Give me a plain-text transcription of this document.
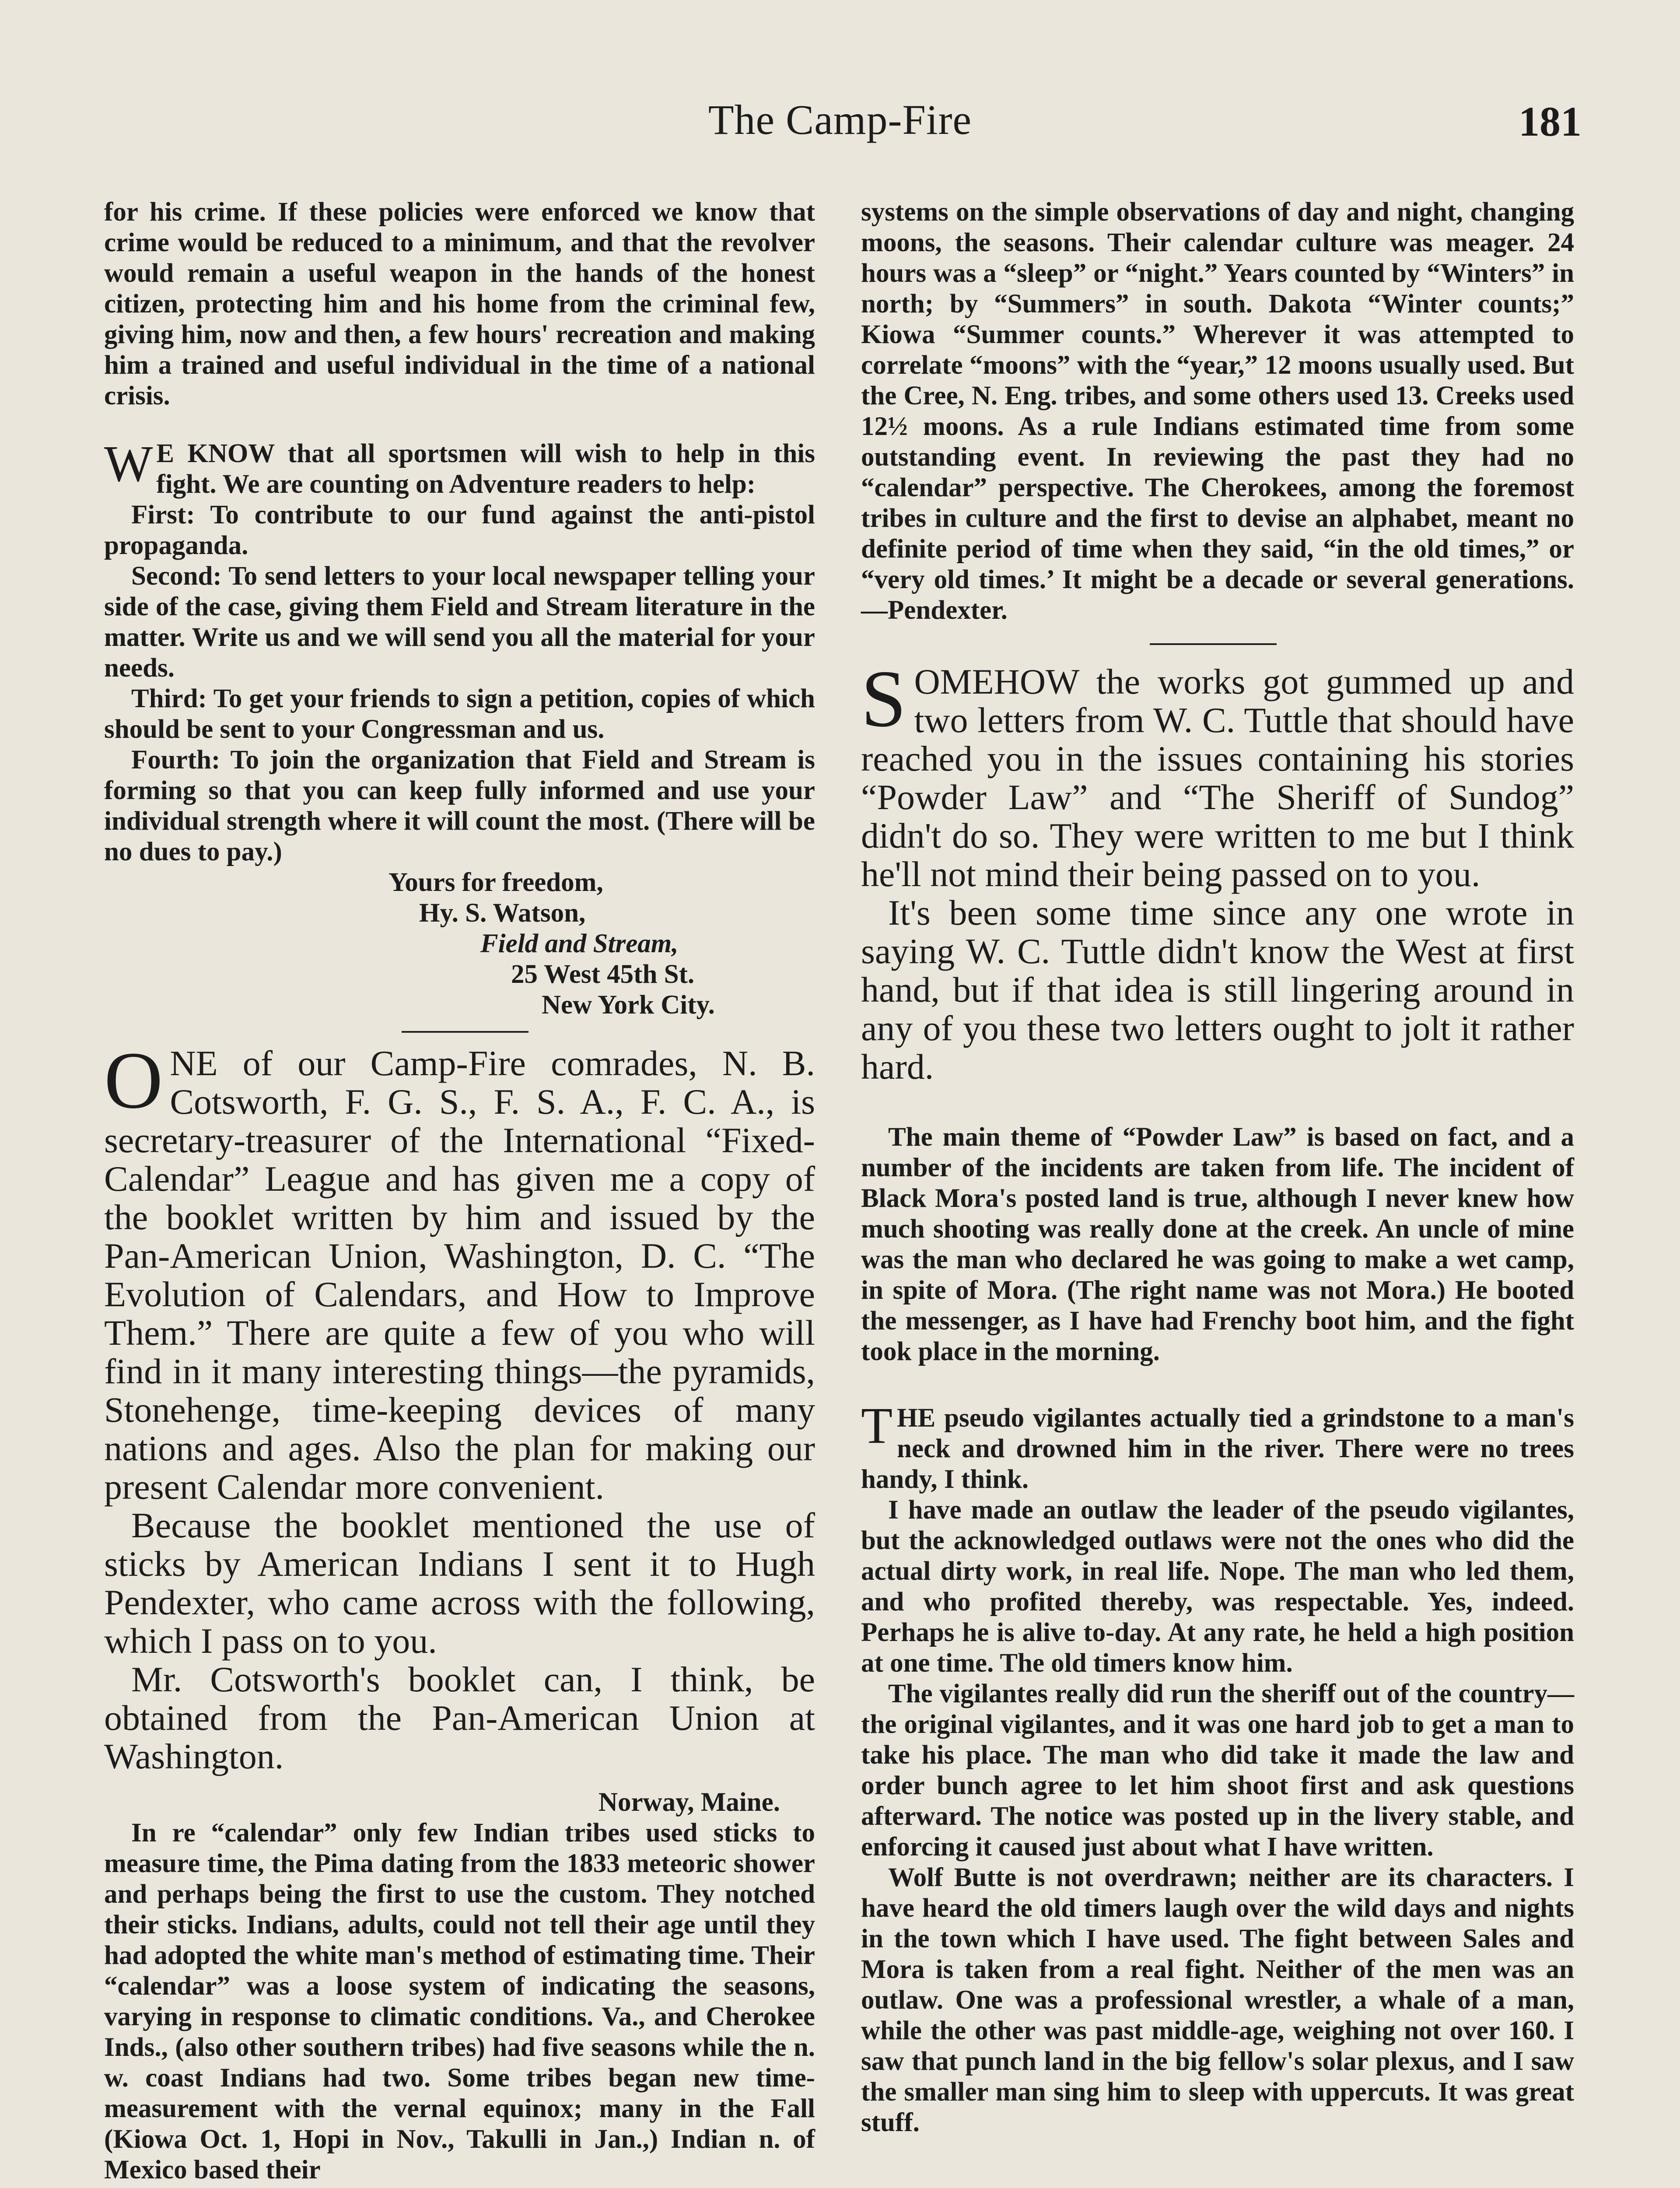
The Camp-Fire	181

for his crime. If these policies were enforced we know that crime would be reduced to a minimum, and that the revolver would remain a useful weapon in the hands of the honest citizen, protecting him and his home from the criminal few, giving him, now and then, a few hours' recreation and making him a trained and useful individual in the time of a national crisis.

W E KNOW that all sportsmen will wish to help in this fight. We are counting on Adventure readers to help:

First: To contribute to our fund against the anti-pistol propaganda.

Second: To send letters to your local newspaper telling your side of the case, giving them Field and Stream literature in the matter. Write us and we will send you all the material for your needs.

Third: To get your friends to sign a petition, copies of which should be sent to your Congressman and us.

Fourth: To join the organization that Field and Stream is forming so that you can keep fully informed and use your individual strength where it will count the most. (There will be no dues to pay.)

Yours for freedom,
Hy. S. Watson,
Field and Stream,
25 West 45th St.
New York City.

ONE of our Camp-Fire comrades, N. B. Cotsworth, F. G. S., F. S. A., F. C. A., is secretary-treasurer of the International “Fixed-Calendar” League and has given me a copy of the booklet written by him and issued by the Pan-American Union, Washington, D. C. “The Evolution of Calendars, and How to Improve Them.” There are quite a few of you who will find in it many interesting things—the pyramids, Stonehenge, time-keeping devices of many nations and ages. Also the plan for making our present Calendar more convenient.

Because the booklet mentioned the use of sticks by American Indians I sent it to Hugh Pendexter, who came across with the following, which I pass on to you.

Mr. Cotsworth's booklet can, I think, be obtained from the Pan-American Union at Washington.

Norway, Maine.

In re “calendar” only few Indian tribes used sticks to measure time, the Pima dating from the 1833 meteoric shower and perhaps being the first to use the custom. They notched their sticks. Indians, adults, could not tell their age until they had adopted the white man's method of estimating time. Their “calendar” was a loose system of indicating the seasons, varying in response to climatic conditions. Va., and Cherokee Inds., (also other southern tribes) had five seasons while the n. w. coast Indians had two. Some tribes began new time-measurement with the vernal equinox; many in the Fall (Kiowa Oct. 1, Hopi in Nov., Takulli in Jan.,) Indian n. of Mexico based their

systems on the simple observations of day and night, changing moons, the seasons. Their calendar culture was meager. 24 hours was a “sleep” or “night.” Years counted by “Winters” in north; by “Summers” in south. Dakota “Winter counts;” Kiowa “Summer counts.” Wherever it was attempted to correlate “moons” with the “year,” 12 moons usually used. But the Cree, N. Eng. tribes, and some others used 13. Creeks used 12½ moons. As a rule Indians estimated time from some outstanding event. In reviewing the past they had no “calendar” perspective. The Cherokees, among the foremost tribes in culture and the first to devise an alphabet, meant no definite period of time when they said, “in the old times,” or “very old times.’ It might be a decade or several generations.—Pendexter.

SOMEHOW the works got gummed up and two letters from W. C. Tuttle that should have reached you in the issues containing his stories “Powder Law” and “The Sheriff of Sundog” didn't do so. They were written to me but I think he'll not mind their being passed on to you.

It's been some time since any one wrote in saying W. C. Tuttle didn't know the West at first hand, but if that idea is still lingering around in any of you these two letters ought to jolt it rather hard.

The main theme of “Powder Law” is based on fact, and a number of the incidents are taken from life. The incident of Black Mora's posted land is true, although I never knew how much shooting was really done at the creek. An uncle of mine was the man who declared he was going to make a wet camp, in spite of Mora. (The right name was not Mora.) He booted the messenger, as I have had Frenchy boot him, and the fight took place in the morning.

THE pseudo vigilantes actually tied a grindstone to a man's neck and drowned him in the river. There were no trees handy, I think.

I have made an outlaw the leader of the pseudo vigilantes, but the acknowledged outlaws were not the ones who did the actual dirty work, in real life. Nope. The man who led them, and who profited thereby, was respectable. Yes, indeed. Perhaps he is alive to-day. At any rate, he held a high position at one time. The old timers know him.

The vigilantes really did run the sheriff out of the country—the original vigilantes, and it was one hard job to get a man to take his place. The man who did take it made the law and order bunch agree to let him shoot first and ask questions afterward. The notice was posted up in the livery stable, and enforcing it caused just about what I have written.

Wolf Butte is not overdrawn; neither are its characters. I have heard the old timers laugh over the wild days and nights in the town which I have used. The fight between Sales and Mora is taken from a real fight. Neither of the men was an outlaw. One was a professional wrestler, a whale of a man, while the other was past middle-age, weighing not over 160. I saw that punch land in the big fellow's solar plexus, and I saw the smaller man sing him to sleep with uppercuts. It was great stuff.
